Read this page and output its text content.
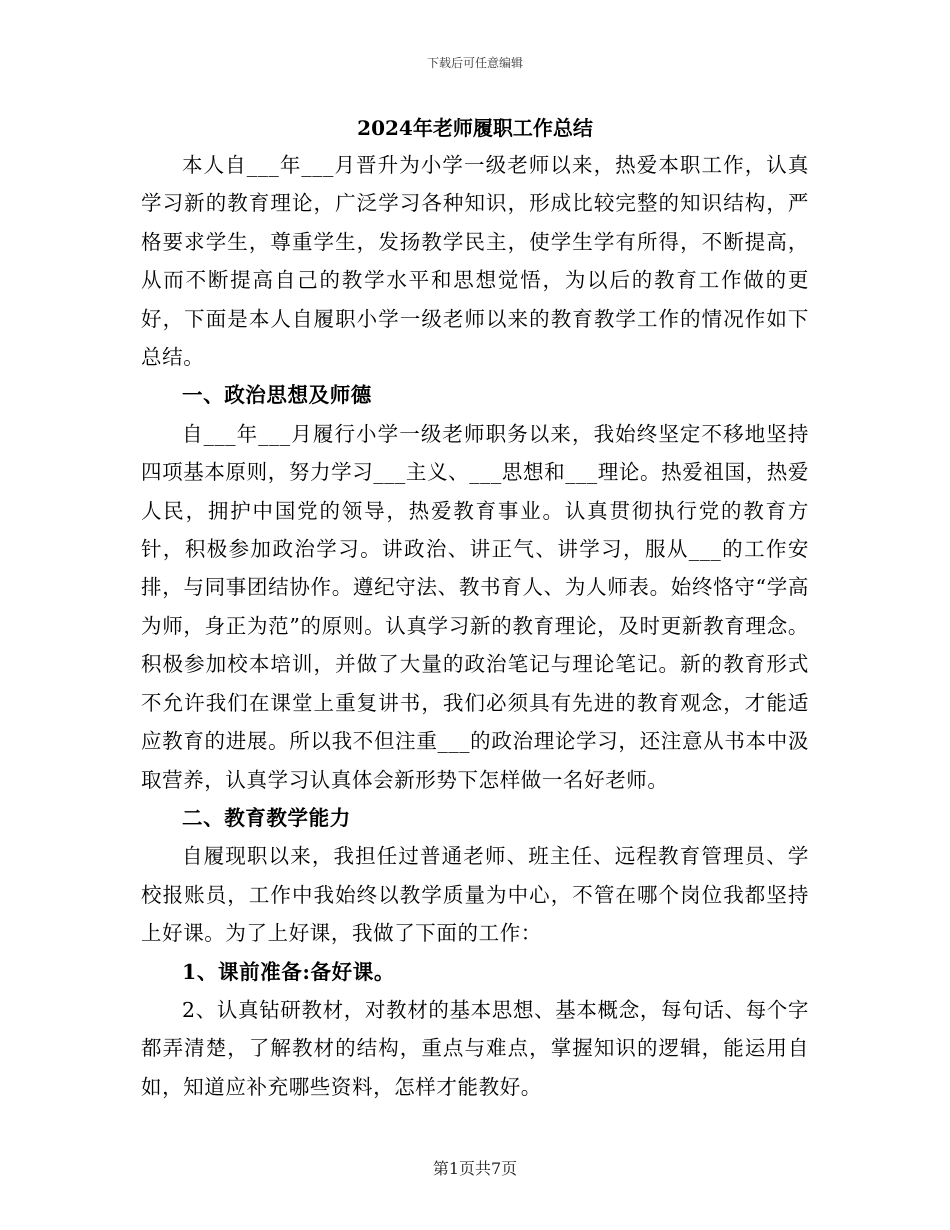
下载后可任意编辑
2024年老师履职工作总结

本人自___年___月晋升为小学一级老师以来，热爱本职工作，认真学习新的教育理论，广泛学习各种知识，形成比较完整的知识结构，严格要求学生，尊重学生，发扬教学民主，使学生学有所得，不断提高，从而不断提高自己的教学水平和思想觉悟，为以后的教育工作做的更好，下面是本人自履职小学一级老师以来的教育教学工作的情况作如下总结。

一、政治思想及师德

自___年___月履行小学一级老师职务以来，我始终坚定不移地坚持四项基本原则，努力学习___主义、___思想和___理论。热爱祖国，热爱人民，拥护中国党的领导，热爱教育事业。认真贯彻执行党的教育方针，积极参加政治学习。讲政治、讲正气、讲学习，服从___的工作安排，与同事团结协作。遵纪守法、教书育人、为人师表。始终恪守“学高为师，身正为范”的原则。认真学习新的教育理论，及时更新教育理念。积极参加校本培训，并做了大量的政治笔记与理论笔记。新的教育形式不允许我们在课堂上重复讲书，我们必须具有先进的教育观念，才能适应教育的进展。所以我不但注重___的政治理论学习，还注意从书本中汲取营养，认真学习认真体会新形势下怎样做一名好老师。

二、教育教学能力

自履现职以来，我担任过普通老师、班主任、远程教育管理员、学校报账员，工作中我始终以教学质量为中心，不管在哪个岗位我都坚持上好课。为了上好课，我做了下面的工作：

1、课前准备:备好课。

2、认真钻研教材，对教材的基本思想、基本概念，每句话、每个字都弄清楚，了解教材的结构，重点与难点，掌握知识的逻辑，能运用自如，知道应补充哪些资料，怎样才能教好。

第1页共7页
